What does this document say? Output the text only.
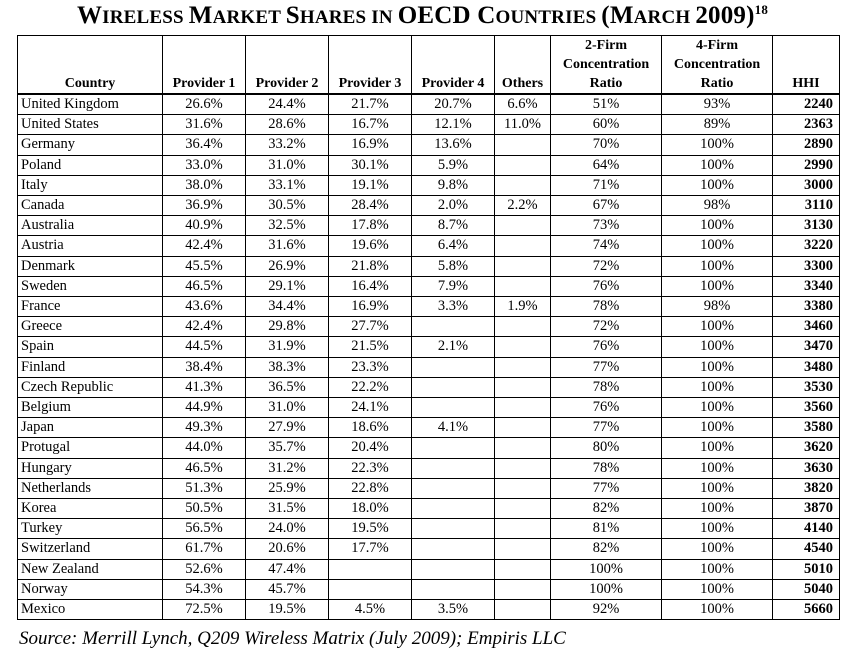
WIRELESS MARKET SHARES IN OECD COUNTRIES (MARCH 2009)$^{18}$
Country	Provider 1	Provider 2	Provider 3	Provider 4	Others	2-Firm Concentration Ratio	4-Firm Concentration Ratio	HHI
United Kingdom	26.6%	24.4%	21.7%	20.7%	6.6%	51%	93%	2240
United States	31.6%	28.6%	16.7%	12.1%	11.0%	60%	89%	2363
Germany	36.4%	33.2%	16.9%	13.6%		70%	100%	2890
Poland	33.0%	31.0%	30.1%	5.9%		64%	100%	2990
Italy	38.0%	33.1%	19.1%	9.8%		71%	100%	3000
Canada	36.9%	30.5%	28.4%	2.0%	2.2%	67%	98%	3110
Australia	40.9%	32.5%	17.8%	8.7%		73%	100%	3130
Austria	42.4%	31.6%	19.6%	6.4%		74%	100%	3220
Denmark	45.5%	26.9%	21.8%	5.8%		72%	100%	3300
Sweden	46.5%	29.1%	16.4%	7.9%		76%	100%	3340
France	43.6%	34.4%	16.9%	3.3%	1.9%	78%	98%	3380
Greece	42.4%	29.8%	27.7%			72%	100%	3460
Spain	44.5%	31.9%	21.5%	2.1%		76%	100%	3470
Finland	38.4%	38.3%	23.3%			77%	100%	3480
Czech Republic	41.3%	36.5%	22.2%			78%	100%	3530
Belgium	44.9%	31.0%	24.1%			76%	100%	3560
Japan	49.3%	27.9%	18.6%	4.1%		77%	100%	3580
Protugal	44.0%	35.7%	20.4%			80%	100%	3620
Hungary	46.5%	31.2%	22.3%			78%	100%	3630
Netherlands	51.3%	25.9%	22.8%			77%	100%	3820
Korea	50.5%	31.5%	18.0%			82%	100%	3870
Turkey	56.5%	24.0%	19.5%			81%	100%	4140
Switzerland	61.7%	20.6%	17.7%			82%	100%	4540
New Zealand	52.6%	47.4%				100%	100%	5010
Norway	54.3%	45.7%				100%	100%	5040
Mexico	72.5%	19.5%	4.5%	3.5%		92%	100%	5660
Source: Merrill Lynch, Q209 Wireless Matrix (July 2009); Empiris LLC
